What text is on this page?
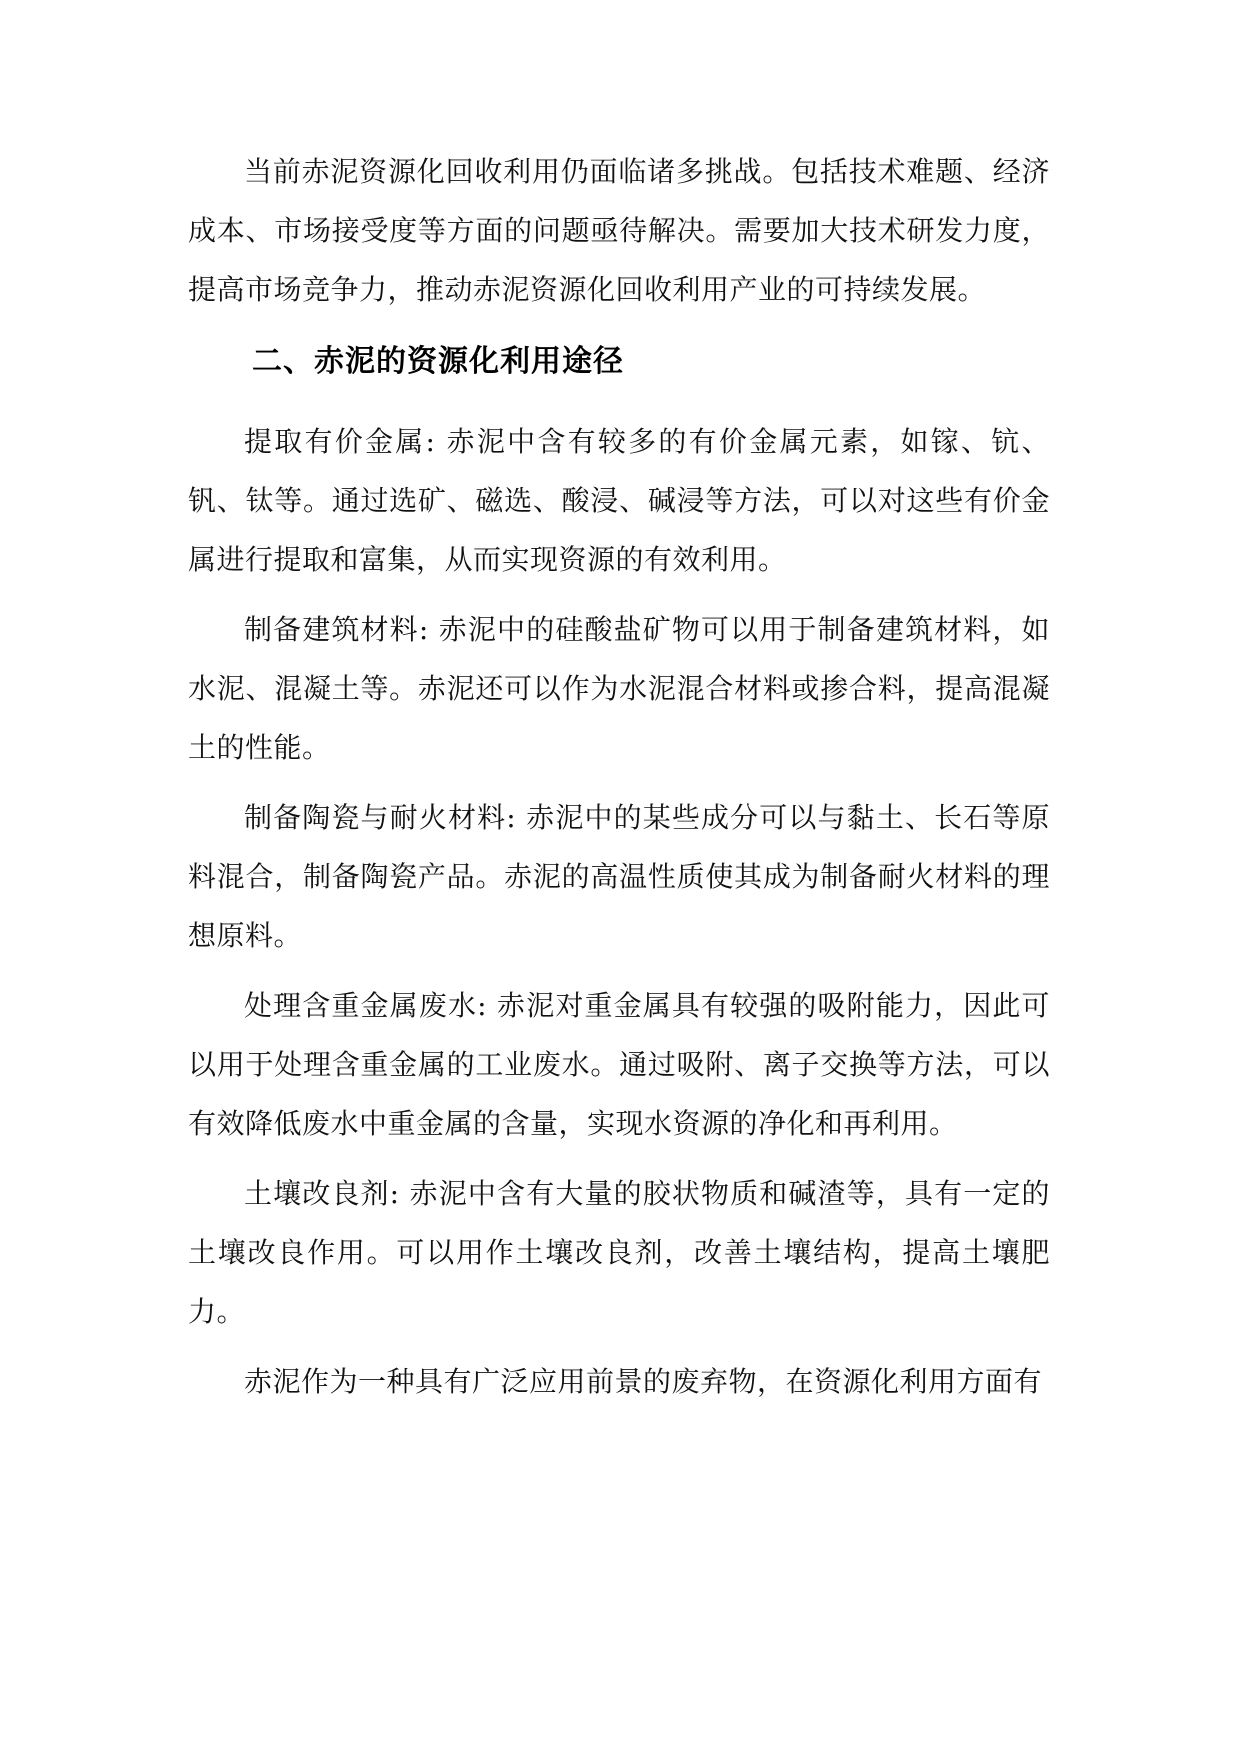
当前赤泥资源化回收利用仍面临诸多挑战。包括技术难题、经济成本、市场接受度等方面的问题亟待解决。需要加大技术研发力度，提高市场竞争力，推动赤泥资源化回收利用产业的可持续发展。

二、赤泥的资源化利用途径

提取有价金属: 赤泥中含有较多的有价金属元素，如镓、钪、钒、钛等。通过选矿、磁选、酸浸、碱浸等方法，可以对这些有价金属进行提取和富集，从而实现资源的有效利用。

制备建筑材料: 赤泥中的硅酸盐矿物可以用于制备建筑材料，如水泥、混凝土等。赤泥还可以作为水泥混合材料或掺合料，提高混凝土的性能。

制备陶瓷与耐火材料: 赤泥中的某些成分可以与黏土、长石等原料混合，制备陶瓷产品。赤泥的高温性质使其成为制备耐火材料的理想原料。

处理含重金属废水: 赤泥对重金属具有较强的吸附能力，因此可以用于处理含重金属的工业废水。通过吸附、离子交换等方法，可以有效降低废水中重金属的含量，实现水资源的净化和再利用。

土壤改良剂: 赤泥中含有大量的胶状物质和碱渣等，具有一定的土壤改良作用。可以用作土壤改良剂，改善土壤结构，提高土壤肥力。

赤泥作为一种具有广泛应用前景的废弃物，在资源化利用方面有
